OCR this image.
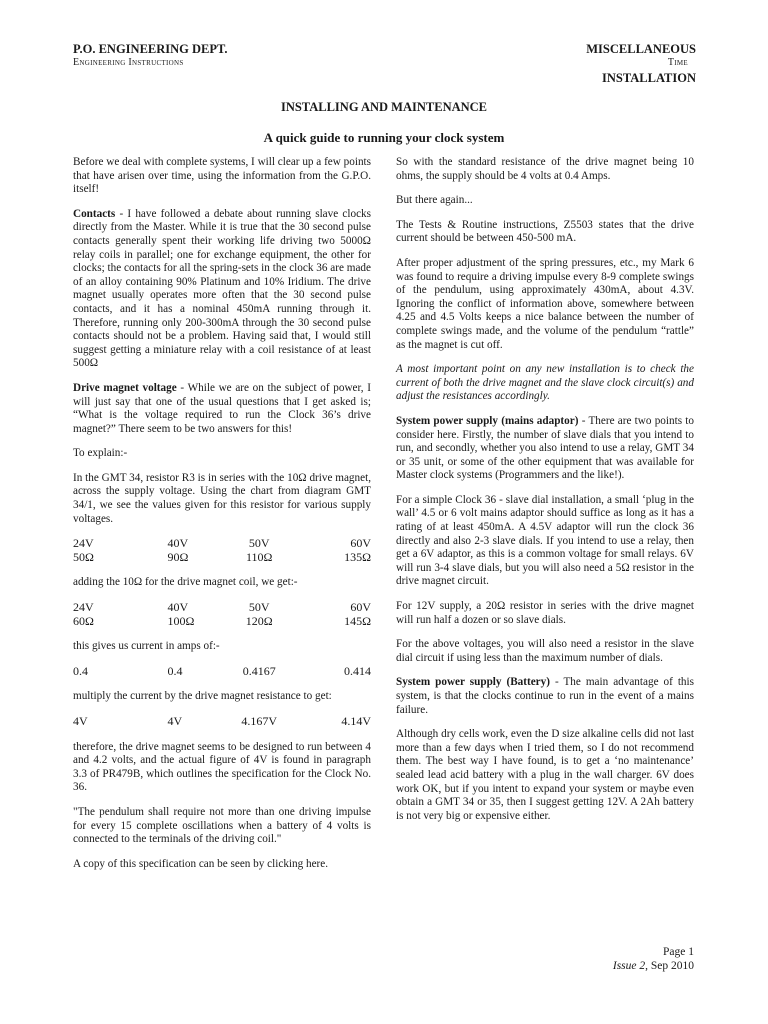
P.O. ENGINEERING DEPT.
Engineering Instructions
MISCELLANEOUS
Time
INSTALLATION
INSTALLING AND MAINTENANCE
A quick guide to running your clock system

Before we deal with complete systems, I will clear up a few points that have arisen over time, using the information from the G.P.O. itself!

Contacts - I have followed a debate about running slave clocks directly from the Master. While it is true that the 30 second pulse contacts generally spent their working life driving two 5000Ω relay coils in parallel; one for exchange equipment, the other for clocks; the contacts for all the spring-sets in the clock 36 are made of an alloy containing 90% Platinum and 10% Iridium. The drive magnet usually operates more often that the 30 second pulse contacts, and it has a nominal 450mA running through it. Therefore, running only 200-300mA through the 30 second pulse contacts should not be a problem. Having said that, I would still suggest getting a miniature relay with a coil resistance of at least 500Ω

Drive magnet voltage - While we are on the subject of power, I will just say that one of the usual questions that I get asked is; “What is the voltage required to run the Clock 36’s drive magnet?” There seem to be two answers for this!

To explain:-

In the GMT 34, resistor R3 is in series with the 10Ω drive magnet, across the supply voltage. Using the chart from diagram GMT 34/1, we see the values given for this resistor for various supply voltages.

24V	40V	50V	60V
50Ω	90Ω	110Ω	135Ω

adding the 10Ω for the drive magnet coil, we get:-

24V	40V	50V	60V
60Ω	100Ω	120Ω	145Ω

this gives us current in amps of:-

0.4	0.4	0.4167	0.414

multiply the current by the drive magnet resistance to get:

4V	4V	4.167V	4.14V

therefore, the drive magnet seems to be designed to run between 4 and 4.2 volts, and the actual figure of 4V is found in paragraph 3.3 of PR479B, which outlines the specification for the Clock No. 36.

"The pendulum shall require not more than one driving impulse for every 15 complete oscillations when a battery of 4 volts is connected to the terminals of the driving coil."

A copy of this specification can be seen by clicking here.

So with the standard resistance of the drive magnet being 10 ohms, the supply should be 4 volts at 0.4 Amps.

But there again...

The Tests & Routine instructions, Z5503 states that the drive current should be between 450-500 mA.

After proper adjustment of the spring pressures, etc., my Mark 6 was found to require a driving impulse every 8-9 complete swings of the pendulum, using approximately 430mA, about 4.3V. Ignoring the conflict of information above, somewhere between 4.25 and 4.5 Volts keeps a nice balance between the number of complete swings made, and the volume of the pendulum “rattle” as the magnet is cut off.

A most important point on any new installation is to check the current of both the drive magnet and the slave clock circuit(s) and adjust the resistances accordingly.

System power supply (mains adaptor) - There are two points to consider here. Firstly, the number of slave dials that you intend to run, and secondly, whether you also intend to use a relay, GMT 34 or 35 unit, or some of the other equipment that was available for Master clock systems (Programmers and the like!).

For a simple Clock 36 - slave dial installation, a small ‘plug in the wall’ 4.5 or 6 volt mains adaptor should suffice as long as it has a rating of at least 450mA. A 4.5V adaptor will run the clock 36 directly and also 2-3 slave dials. If you intend to use a relay, then get a 6V adaptor, as this is a common voltage for small relays. 6V will run 3-4 slave dials, but you will also need a 5Ω resistor in the drive magnet circuit.

For 12V supply, a 20Ω resistor in series with the drive magnet will run half a dozen or so slave dials.

For the above voltages, you will also need a resistor in the slave dial circuit if using less than the maximum number of dials.

System power supply (Battery) - The main advantage of this system, is that the clocks continue to run in the event of a mains failure.

Although dry cells work, even the D size alkaline cells did not last more than a few days when I tried them, so I do not recommend them. The best way I have found, is to get a ‘no maintenance’ sealed lead acid battery with a plug in the wall charger. 6V does work OK, but if you intent to expand your system or maybe even obtain a GMT 34 or 35, then I suggest getting 12V. A 2Ah battery is not very big or expensive either.

Page 1
Issue 2, Sep 2010
